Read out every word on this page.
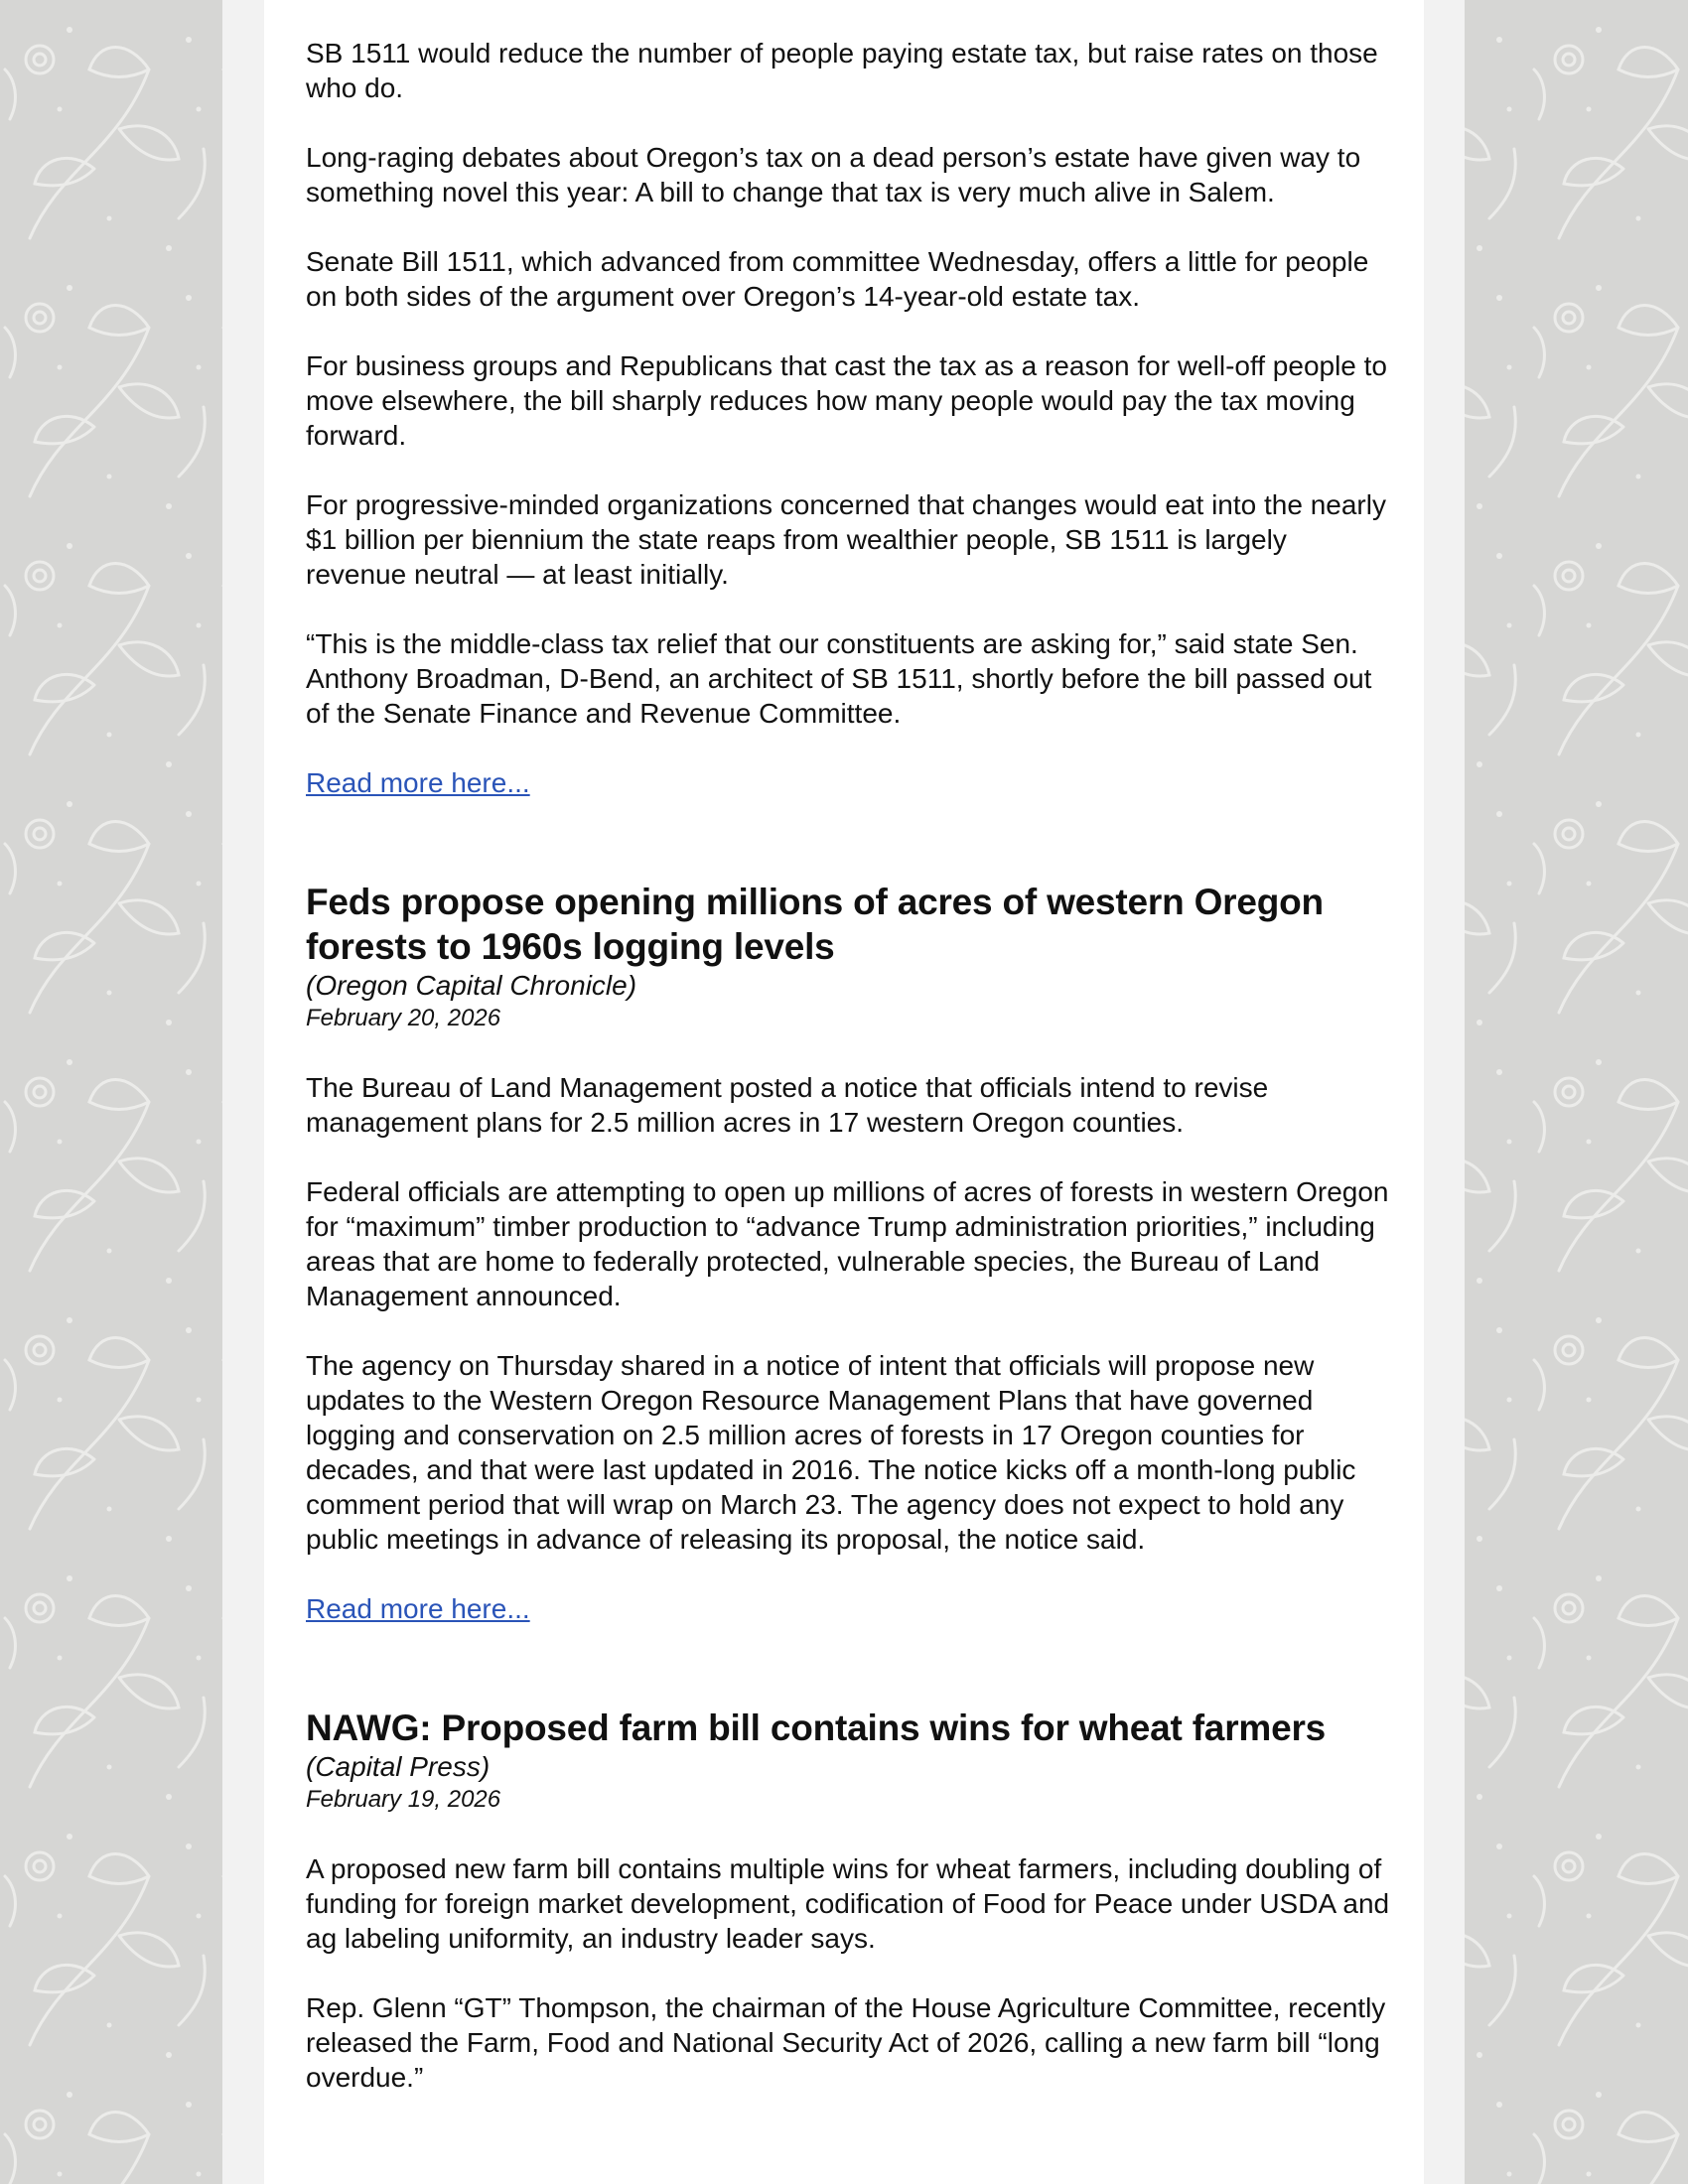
SB 1511 would reduce the number of people paying estate tax, but raise rates on those who do.

Long-raging debates about Oregon’s tax on a dead person’s estate have given way to something novel this year: A bill to change that tax is very much alive in Salem.

Senate Bill 1511, which advanced from committee Wednesday, offers a little for people on both sides of the argument over Oregon’s 14-year-old estate tax.

For business groups and Republicans that cast the tax as a reason for well-off people to move elsewhere, the bill sharply reduces how many people would pay the tax moving forward.

For progressive-minded organizations concerned that changes would eat into the nearly $1 billion per biennium the state reaps from wealthier people, SB 1511 is largely revenue neutral — at least initially.

“This is the middle-class tax relief that our constituents are asking for,” said state Sen. Anthony Broadman, D-Bend, an architect of SB 1511, shortly before the bill passed out of the Senate Finance and Revenue Committee.

Read more here...
Feds propose opening millions of acres of western Oregon forests to 1960s logging levels

(Oregon Capital Chronicle)

February 20, 2026

The Bureau of Land Management posted a notice that officials intend to revise management plans for 2.5 million acres in 17 western Oregon counties.

Federal officials are attempting to open up millions of acres of forests in western Oregon for “maximum” timber production to “advance Trump administration priorities,” including areas that are home to federally protected, vulnerable species, the Bureau of Land Management announced.

The agency on Thursday shared in a notice of intent that officials will propose new updates to the Western Oregon Resource Management Plans that have governed logging and conservation on 2.5 million acres of forests in 17 Oregon counties for decades, and that were last updated in 2016. The notice kicks off a month-long public comment period that will wrap on March 23. The agency does not expect to hold any public meetings in advance of releasing its proposal, the notice said.

Read more here...
NAWG: Proposed farm bill contains wins for wheat farmers

(Capital Press)

February 19, 2026

A proposed new farm bill contains multiple wins for wheat farmers, including doubling of funding for foreign market development, codification of Food for Peace under USDA and ag labeling uniformity, an industry leader says.

Rep. Glenn “GT” Thompson, the chairman of the House Agriculture Committee, recently released the Farm, Food and National Security Act of 2026, calling a new farm bill “long overdue.”
